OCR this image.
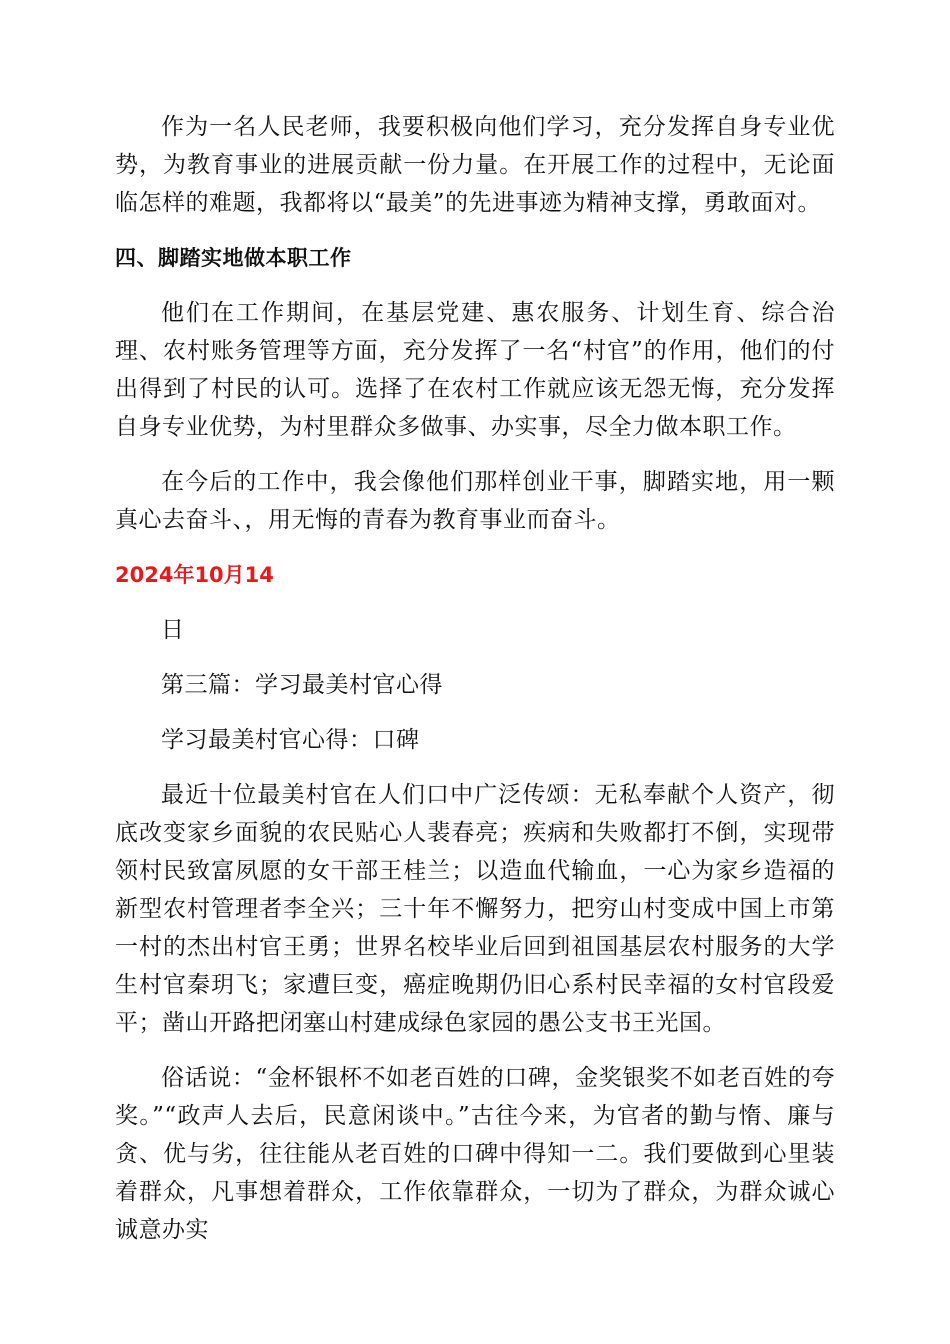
作为一名人民老师，我要积极向他们学习，充分发挥自身专业优势，为教育事业的进展贡献一份力量。在开展工作的过程中，无论面临怎样的难题，我都将以“最美”的先进事迹为精神支撑，勇敢面对。

四、脚踏实地做本职工作

他们在工作期间，在基层党建、惠农服务、计划生育、综合治理、农村账务管理等方面，充分发挥了一名“村官”的作用，他们的付出得到了村民的认可。选择了在农村工作就应该无怨无悔，充分发挥自身专业优势，为村里群众多做事、办实事，尽全力做本职工作。

在今后的工作中，我会像他们那样创业干事，脚踏实地，用一颗真心去奋斗、，用无悔的青春为教育事业而奋斗。

2024年10月14

日

第三篇：学习最美村官心得

学习最美村官心得：口碑

最近十位最美村官在人们口中广泛传颂：无私奉献个人资产，彻底改变家乡面貌的农民贴心人裴春亮；疾病和失败都打不倒，实现带领村民致富夙愿的女干部王桂兰；以造血代输血，一心为家乡造福的新型农村管理者李全兴；三十年不懈努力，把穷山村变成中国上市第一村的杰出村官王勇；世界名校毕业后回到祖国基层农村服务的大学生村官秦玥飞；家遭巨变，癌症晚期仍旧心系村民幸福的女村官段爱平；凿山开路把闭塞山村建成绿色家园的愚公支书王光国。

俗话说：“金杯银杯不如老百姓的口碑，金奖银奖不如老百姓的夸奖。”“政声人去后，民意闲谈中。”古往今来，为官者的勤与惰、廉与贪、优与劣，往往能从老百姓的口碑中得知一二。我们要做到心里装着群众，凡事想着群众，工作依靠群众，一切为了群众，为群众诚心诚意办实
